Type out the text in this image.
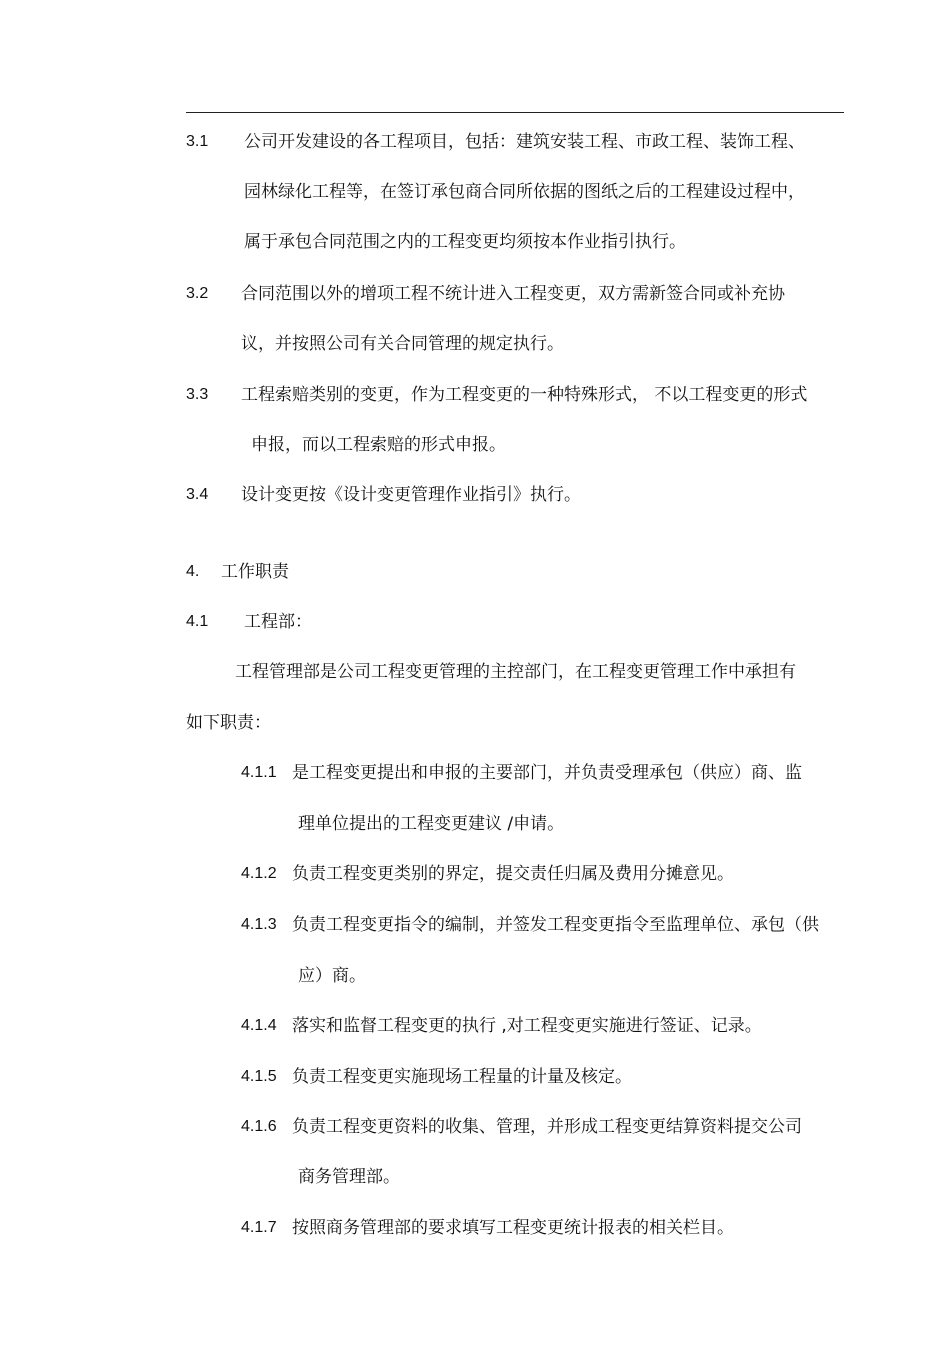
3.1 公司开发建设的各工程项目，包括：建筑安装工程、市政工程、装饰工程、
园林绿化工程等，在签订承包商合同所依据的图纸之后的工程建设过程中，
属于承包合同范围之内的工程变更均须按本作业指引执行。
3.2 合同范围以外的增项工程不统计进入工程变更，双方需新签合同或补充协
议，并按照公司有关合同管理的规定执行。
3.3 工程索赔类别的变更，作为工程变更的一种特殊形式， 不以工程变更的形式
申报，而以工程索赔的形式申报。
3.4 设计变更按《设计变更管理作业指引》执行。
4. 工作职责
4.1 工程部：
工程管理部是公司工程变更管理的主控部门，在工程变更管理工作中承担有
如下职责：
4.1.1 是工程变更提出和申报的主要部门，并负责受理承包（供应）商、监
理单位提出的工程变更建议 /申请。
4.1.2 负责工程变更类别的界定，提交责任归属及费用分摊意见。
4.1.3 负责工程变更指令的编制，并签发工程变更指令至监理单位、承包（供
应）商。
4.1.4 落实和监督工程变更的执行 ,对工程变更实施进行签证、记录。
4.1.5 负责工程变更实施现场工程量的计量及核定。
4.1.6 负责工程变更资料的收集、管理，并形成工程变更结算资料提交公司
商务管理部。
4.1.7 按照商务管理部的要求填写工程变更统计报表的相关栏目。
